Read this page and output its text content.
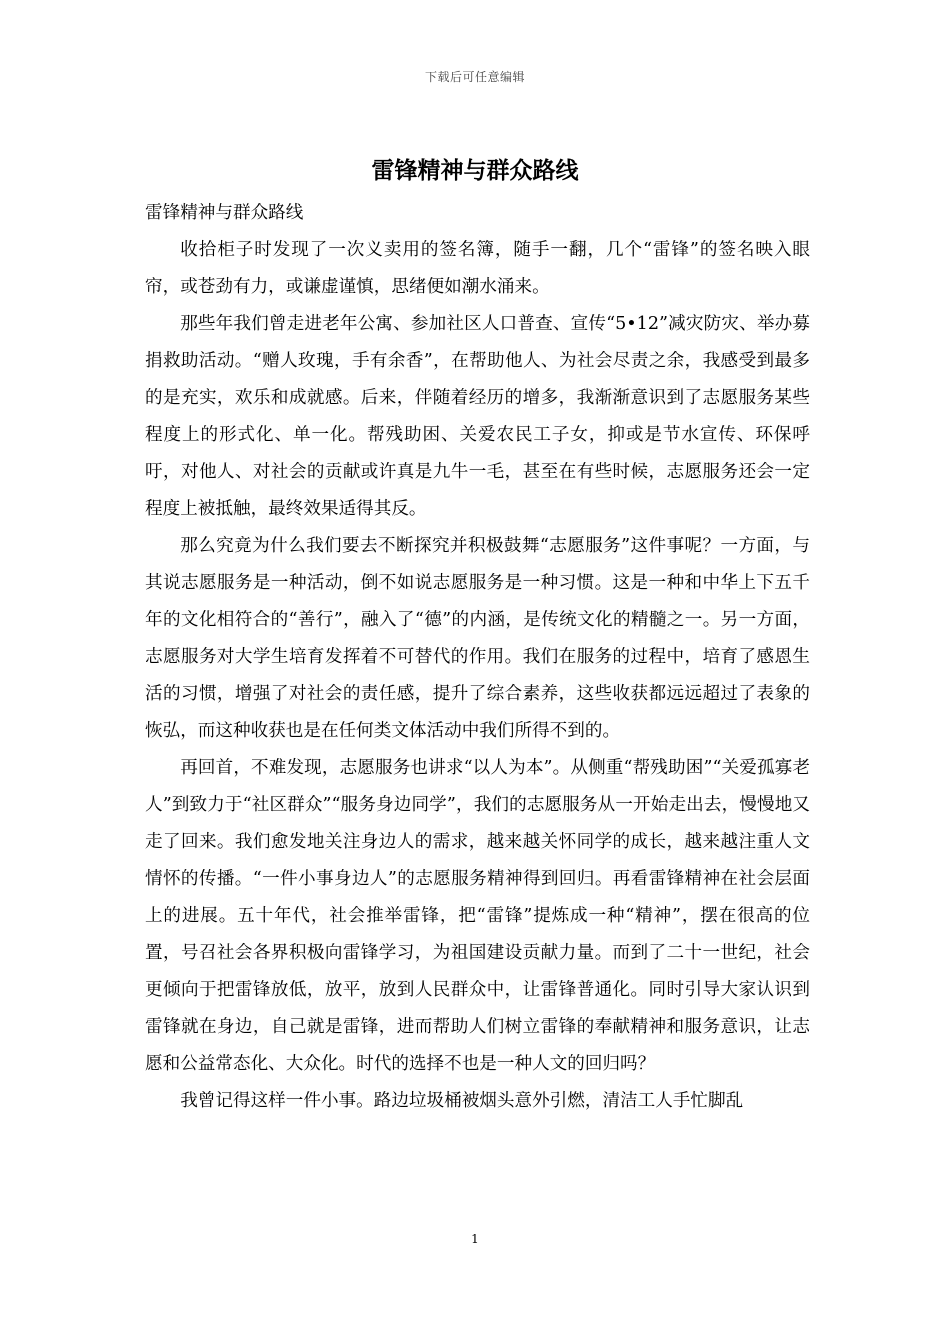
下载后可任意编辑
雷锋精神与群众路线

雷锋精神与群众路线

收拾柜子时发现了一次义卖用的签名簿，随手一翻，几个“雷锋”的签名映入眼帘，或苍劲有力，或谦虚谨慎，思绪便如潮水涌来。

那些年我们曾走进老年公寓、参加社区人口普查、宣传“5•12”减灾防灾、举办募捐救助活动。“赠人玫瑰，手有余香”，在帮助他人、为社会尽责之余，我感受到最多的是充实，欢乐和成就感。后来，伴随着经历的增多，我渐渐意识到了志愿服务某些程度上的形式化、单一化。帮残助困、关爱农民工子女，抑或是节水宣传、环保呼吁，对他人、对社会的贡献或许真是九牛一毛，甚至在有些时候，志愿服务还会一定程度上被抵触，最终效果适得其反。

那么究竟为什么我们要去不断探究并积极鼓舞“志愿服务”这件事呢？一方面，与其说志愿服务是一种活动，倒不如说志愿服务是一种习惯。这是一种和中华上下五千年的文化相符合的“善行”，融入了“德”的内涵，是传统文化的精髓之一。另一方面，志愿服务对大学生培育发挥着不可替代的作用。我们在服务的过程中，培育了感恩生活的习惯，增强了对社会的责任感，提升了综合素养，这些收获都远远超过了表象的恢弘，而这种收获也是在任何类文体活动中我们所得不到的。

再回首，不难发现，志愿服务也讲求“以人为本”。从侧重“帮残助困”“关爱孤寡老人”到致力于“社区群众”“服务身边同学”，我们的志愿服务从一开始走出去，慢慢地又走了回来。我们愈发地关注身边人的需求，越来越关怀同学的成长，越来越注重人文情怀的传播。“一件小事身边人”的志愿服务精神得到回归。再看雷锋精神在社会层面上的进展。五十年代，社会推举雷锋，把“雷锋”提炼成一种“精神”，摆在很高的位置，号召社会各界积极向雷锋学习，为祖国建设贡献力量。而到了二十一世纪，社会更倾向于把雷锋放低，放平，放到人民群众中，让雷锋普通化。同时引导大家认识到雷锋就在身边，自己就是雷锋，进而帮助人们树立雷锋的奉献精神和服务意识，让志愿和公益常态化、大众化。时代的选择不也是一种人文的回归吗？

我曾记得这样一件小事。路边垃圾桶被烟头意外引燃，清洁工人手忙脚乱

1
